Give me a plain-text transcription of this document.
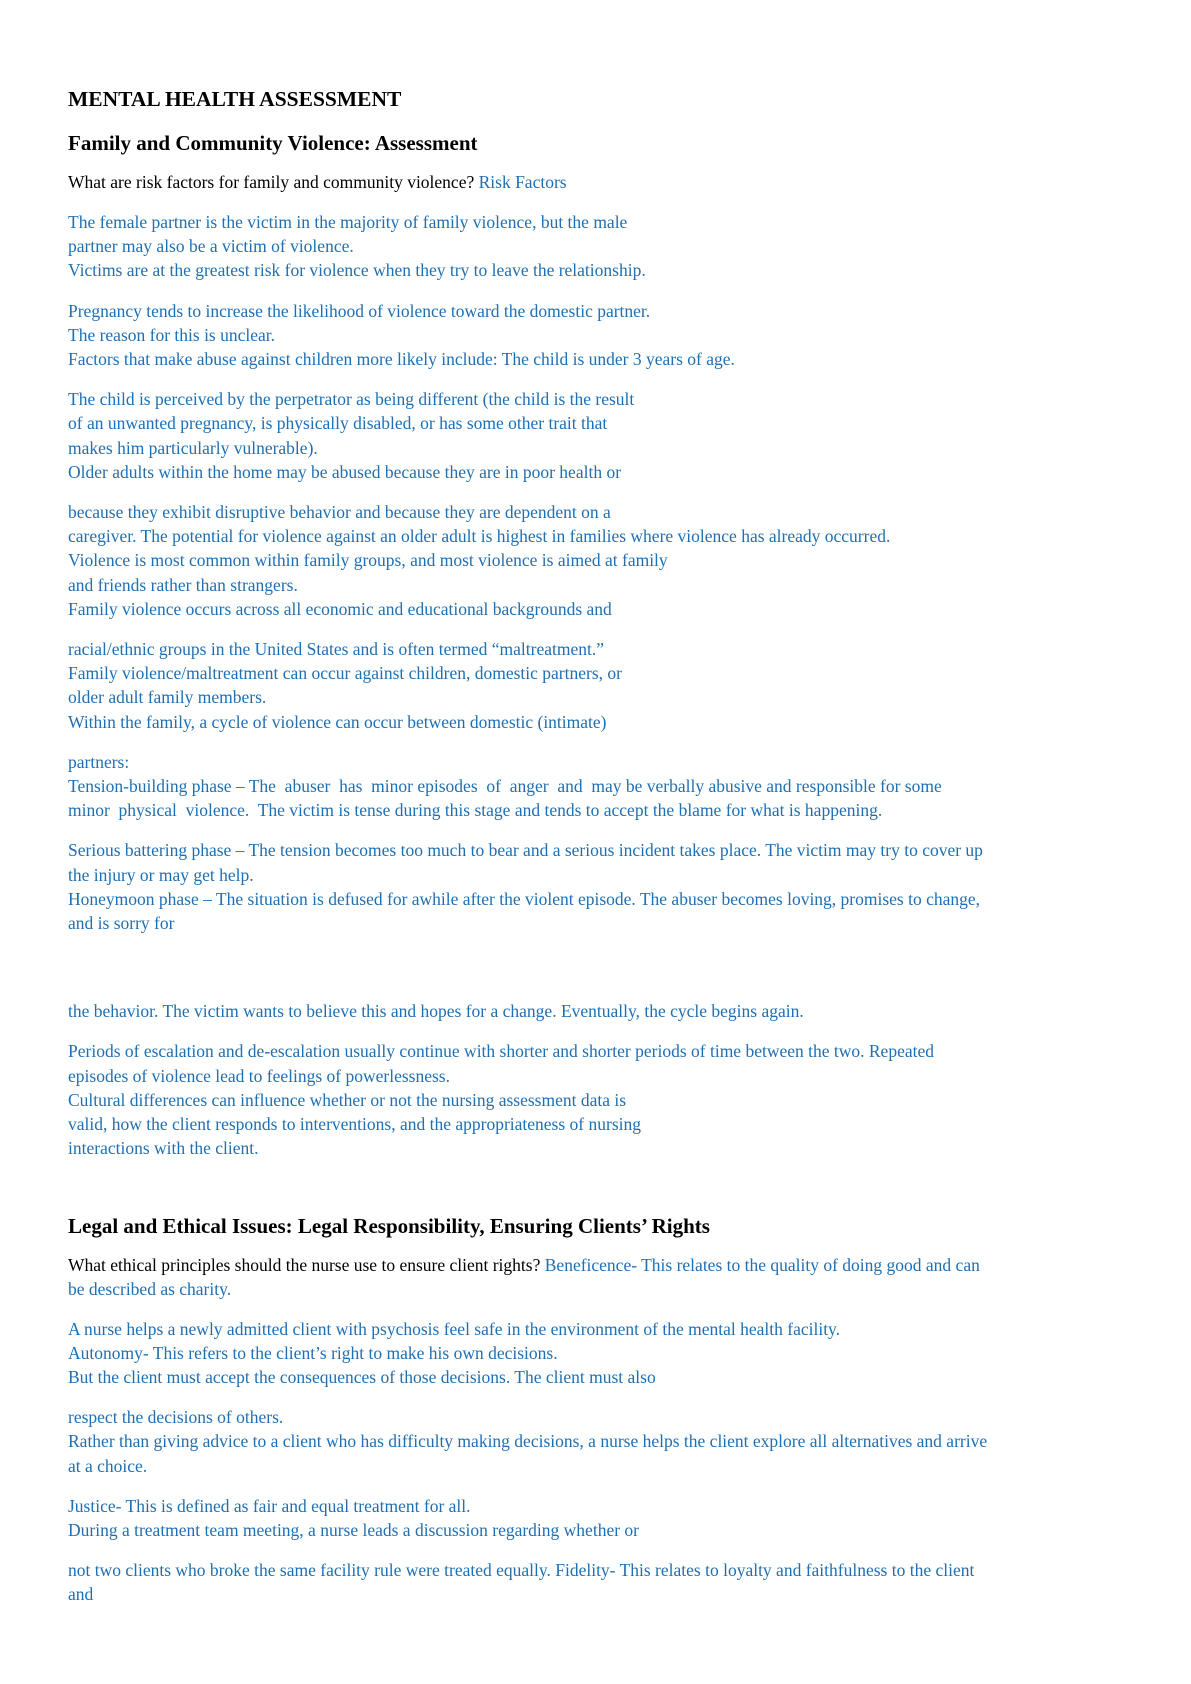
MENTAL HEALTH ASSESSMENT
Family and Community Violence: Assessment

What are risk factors for family and community violence? Risk Factors

The female partner is the victim in the majority of family violence, but the male
partner may also be a victim of violence.
Victims are at the greatest risk for violence when they try to leave the relationship.
Pregnancy tends to increase the likelihood of violence toward the domestic partner.
The reason for this is unclear.
Factors that make abuse against children more likely include: The child is under 3 years of age.
The child is perceived by the perpetrator as being different (the child is the result
of an unwanted pregnancy, is physically disabled, or has some other trait that
makes him particularly vulnerable).
Older adults within the home may be abused because they are in poor health or
because they exhibit disruptive behavior and because they are dependent on a
caregiver. The potential for violence against an older adult is highest in families where violence has already occurred.
Violence is most common within family groups, and most violence is aimed at family
and friends rather than strangers.
Family violence occurs across all economic and educational backgrounds and
racial/ethnic groups in the United States and is often termed “maltreatment.”
Family violence/maltreatment can occur against children, domestic partners, or
older adult family members.
Within the family, a cycle of violence can occur between domestic (intimate)
partners:
Tension-building phase – The  abuser  has  minor episodes  of  anger  and  may be verbally abusive and responsible for some
minor  physical  violence.  The victim is tense during this stage and tends to accept the blame for what is happening.
Serious battering phase – The tension becomes too much to bear and a serious incident takes place. The victim may try to cover up
the injury or may get help.
Honeymoon phase – The situation is defused for awhile after the violent episode. The abuser becomes loving, promises to change,
and is sorry for
the behavior. The victim wants to believe this and hopes for a change. Eventually, the cycle begins again.
Periods of escalation and de-escalation usually continue with shorter and shorter periods of time between the two. Repeated
episodes of violence lead to feelings of powerlessness.
Cultural differences can influence whether or not the nursing assessment data is
valid, how the client responds to interventions, and the appropriateness of nursing
interactions with the client.
Legal and Ethical Issues: Legal Responsibility, Ensuring Clients’ Rights
What ethical principles should the nurse use to ensure client rights? Beneficence- This relates to the quality of doing good and can
be described as charity.
A nurse helps a newly admitted client with psychosis feel safe in the environment of the mental health facility.
Autonomy- This refers to the client’s right to make his own decisions.
But the client must accept the consequences of those decisions. The client must also
respect the decisions of others.
Rather than giving advice to a client who has difficulty making decisions, a nurse helps the client explore all alternatives and arrive
at a choice.
Justice- This is defined as fair and equal treatment for all.
During a treatment team meeting, a nurse leads a discussion regarding whether or
not two clients who broke the same facility rule were treated equally. Fidelity- This relates to loyalty and faithfulness to the client
and
